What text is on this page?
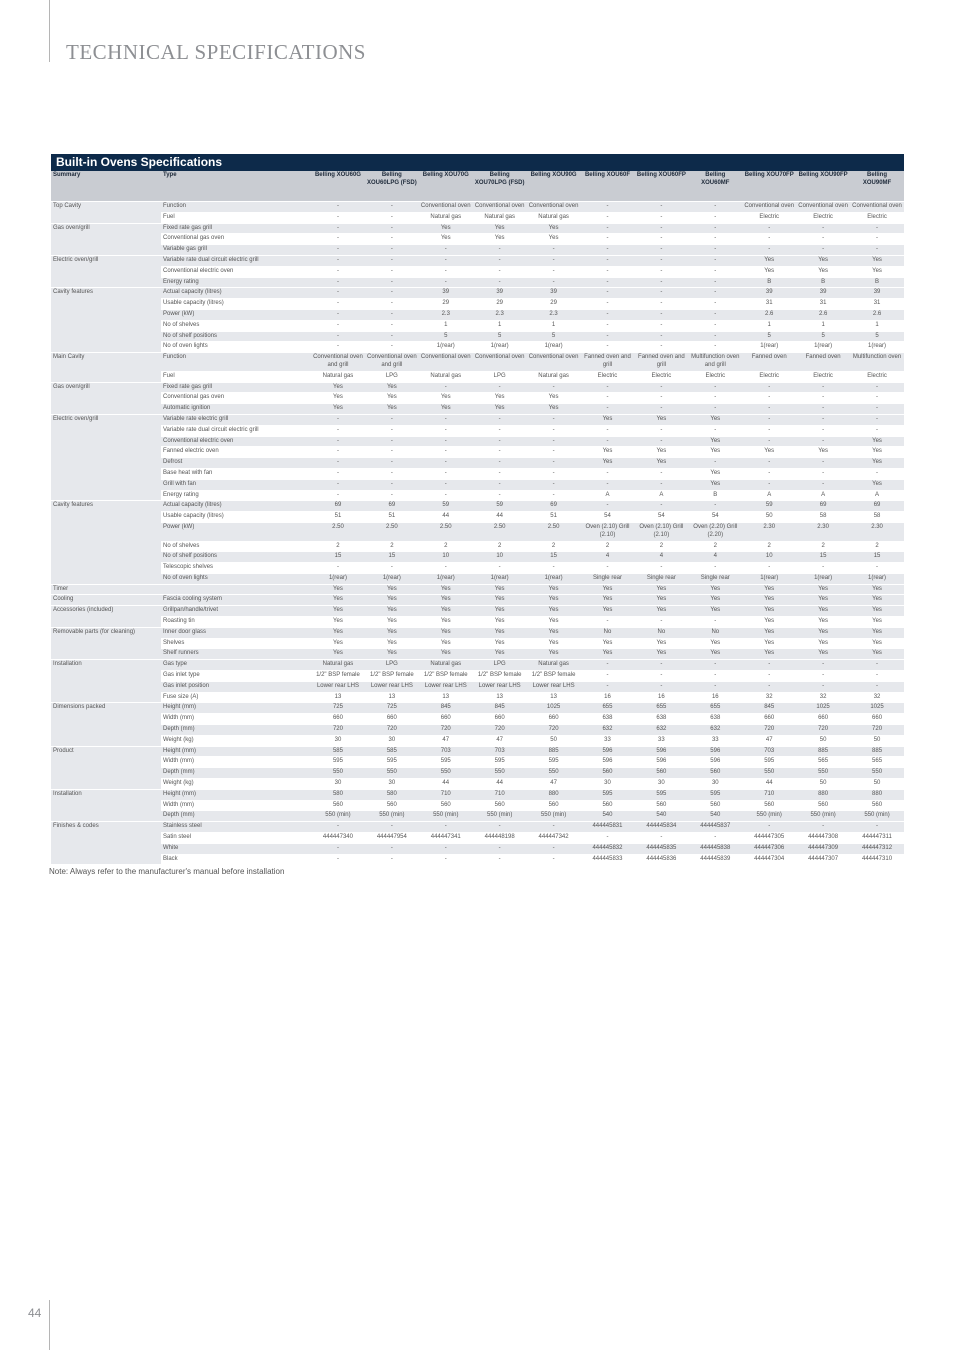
TECHNICAL SPECIFICATIONS
Built-in Ovens Specifications
Summary	Type	Belling XOU60G	Belling XOU60LPG (FSD)	Belling XOU70G	Belling XOU70LPG (FSD)	Belling XOU90G	Belling XOU60F	Belling XOU60FP	Belling XOU60MF	Belling XOU70FP	Belling XOU90FP	Belling XOU90MF
Top Cavity	Function	-	-	Conventional oven	Conventional oven	Conventional oven	-	-	-	Conventional oven	Conventional oven	Conventional oven
	Fuel	-	-	Natural gas	Natural gas	Natural gas	-	-	-	Electric	Electric	Electric
Gas oven/grill	Fixed rate gas grill	-	-	Yes	Yes	Yes	-	-	-	-	-	-
	Conventional gas oven	-	-	Yes	Yes	Yes	-	-	-	-	-	-
	Variable gas grill	-	-	-	-	-	-	-	-	-	-	-
Electric oven/grill	Variable rate dual circuit electric grill	-	-	-	-	-	-	-	-	Yes	Yes	Yes
	Conventional electric oven	-	-	-	-	-	-	-	-	Yes	Yes	Yes
	Energy rating	-	-	-	-	-	-	-	-	B	B	B
Cavity features	Actual capacity (litres)	-	-	39	39	39	-	-	-	39	39	39
	Usable capacity (litres)	-	-	29	29	29	-	-	-	31	31	31
	Power (kW)	-	-	2.3	2.3	2.3	-	-	-	2.6	2.6	2.6
	No of shelves	-	-	1	1	1	-	-	-	1	1	1
	No of shelf positions	-	-	5	5	5	-	-	-	5	5	5
	No of oven lights	-	-	1(rear)	1(rear)	1(rear)	-	-	-	1(rear)	1(rear)	1(rear)
Main Cavity	Function	Conventional oven and grill	Conventional oven and grill	Conventional oven	Conventional oven	Conventional oven	Fanned oven and grill	Fanned oven and grill	Multifunction oven and grill	Fanned oven	Fanned oven	Multifunction oven
	Fuel	Natural gas	LPG	Natural gas	LPG	Natural gas	Electric	Electric	Electric	Electric	Electric	Electric
Gas oven/grill	Fixed rate gas grill	Yes	Yes	-	-	-	-	-	-	-	-	-
	Conventional gas oven	Yes	Yes	Yes	Yes	Yes	-	-	-	-	-	-
	Automatic ignition	Yes	Yes	Yes	Yes	Yes	-	-	-	-	-	-
Electric oven/grill	Variable rate electric grill	-	-	-	-	-	Yes	Yes	Yes	-	-	-
	Variable rate dual circuit electric grill	-	-	-	-	-	-	-	-	-	-	-
	Conventional electric oven	-	-	-	-	-	-	-	Yes	-	-	Yes
	Fanned electric oven	-	-	-	-	-	Yes	Yes	Yes	Yes	Yes	Yes
	Defrost	-	-	-	-	-	Yes	Yes	-	-	-	Yes
	Base heat with fan	-	-	-	-	-	-	-	Yes	-	-	-
	Grill with fan	-	-	-	-	-	-	-	Yes	-	-	Yes
	Energy rating	-	-	-	-	-	A	A	B	A	A	A
Cavity features	Actual capacity (litres)	69	69	59	59	69	-	-	-	59	69	69
	Usable capacity (litres)	51	51	44	44	51	54	54	54	50	58	58
	Power (kW)	2.50	2.50	2.50	2.50	2.50	Oven (2.10) Grill (2.10)	Oven (2.10) Grill (2.10)	Oven (2.20) Grill (2.20)	2.30	2.30	2.30
	No of shelves	2	2	2	2	2	2	2	2	2	2	2
	No of shelf positions	15	15	10	10	15	4	4	4	10	15	15
	Telescopic shelves	-	-	-	-	-	-	-	-	-	-	-
	No of oven lights	1(rear)	1(rear)	1(rear)	1(rear)	1(rear)	Single rear	Single rear	Single rear	1(rear)	1(rear)	1(rear)
Timer		Yes	Yes	Yes	Yes	Yes	Yes	Yes	Yes	Yes	Yes	Yes
Cooling	Fascia cooling system	Yes	Yes	Yes	Yes	Yes	Yes	Yes	Yes	Yes	Yes	Yes
Accessories (included)	Grillpan/handle/trivet	Yes	Yes	Yes	Yes	Yes	Yes	Yes	Yes	Yes	Yes	Yes
	Roasting tin	Yes	Yes	Yes	Yes	Yes	-	-	-	Yes	Yes	Yes
Removable parts (for cleaning)	Inner door glass	Yes	Yes	Yes	Yes	Yes	No	No	No	Yes	Yes	Yes
	Shelves	Yes	Yes	Yes	Yes	Yes	Yes	Yes	Yes	Yes	Yes	Yes
	Shelf runners	Yes	Yes	Yes	Yes	Yes	Yes	Yes	Yes	Yes	Yes	Yes
Installation	Gas type	Natural gas	LPG	Natural gas	LPG	Natural gas	-	-	-	-	-	-
	Gas inlet type	1/2" BSP female	1/2" BSP female	1/2" BSP female	1/2" BSP female	1/2" BSP female	-	-	-	-	-	-
	Gas inlet position	Lower rear LHS	Lower rear LHS	Lower rear LHS	Lower rear LHS	Lower rear LHS	-	-	-	-	-	-
	Fuse size (A)	13	13	13	13	13	16	16	16	32	32	32
Dimensions packed	Height (mm)	725	725	845	845	1025	655	655	655	845	1025	1025
	Width (mm)	660	660	660	660	660	638	638	638	660	660	660
	Depth (mm)	720	720	720	720	720	632	632	632	720	720	720
	Weight (kg)	30	30	47	47	50	33	33	33	47	50	50
Product	Height (mm)	585	585	703	703	885	596	596	596	703	885	885
	Width (mm)	595	595	595	595	595	596	596	596	595	565	565
	Depth (mm)	550	550	550	550	550	560	560	560	550	550	550
	Weight (kg)	30	30	44	44	47	30	30	30	44	50	50
Installation	Height (mm)	580	580	710	710	880	595	595	595	710	880	880
	Width (mm)	560	560	560	560	560	560	560	560	560	560	560
	Depth (mm)	550 (min)	550 (min)	550 (min)	550 (min)	550 (min)	540	540	540	550 (min)	550 (min)	550 (min)
Finishes & codes	Stainless steel	-	-	-	-	-	444445831	444445834	444445837	-	-	-
	Satin steel	444447340	444447954	444447341	444448198	444447342	-	-	-	444447305	444447308	444447311
	White	-	-	-	-	-	444445832	444445835	444445838	444447306	444447309	444447312
	Black	-	-	-	-	-	444445833	444445836	444445839	444447304	444447307	444447310
Note: Always refer to the manufacturer's manual before installation
44
